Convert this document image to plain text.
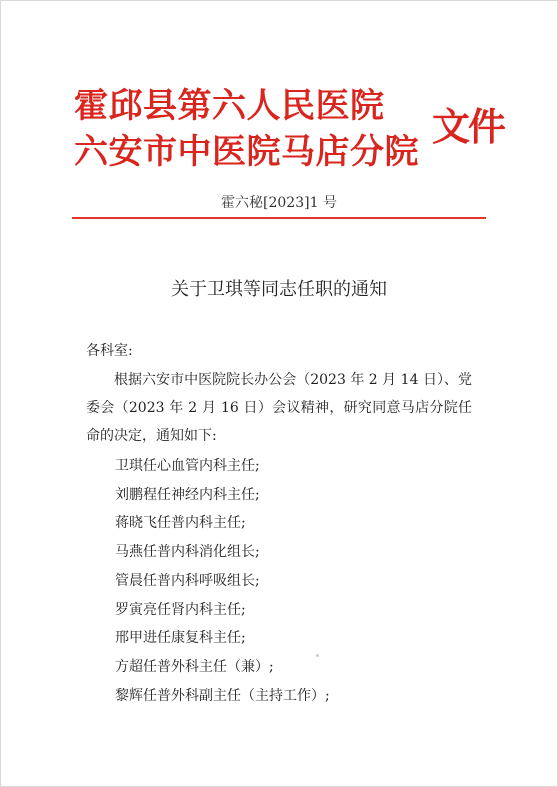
霍邱县第六人民医院
六安市中医院马店分院
文件
霍六秘[2023]1 号
关于卫琪等同志任职的通知
各科室:
根据六安市中医院院长办公会（2023 年 2 月 14 日）、党委会（2023 年 2 月 16 日）会议精神，研究同意马店分院任命的决定，通知如下:
卫琪任心血管内科主任;
刘鹏程任神经内科主任;
蒋晓飞任普内科主任;
马燕任普内科消化组长;
管晨任普内科呼吸组长;
罗寅亮任肾内科主任;
邢甲进任康复科主任;
方超任普外科主任（兼）;
黎辉任普外科副主任（主持工作）;
